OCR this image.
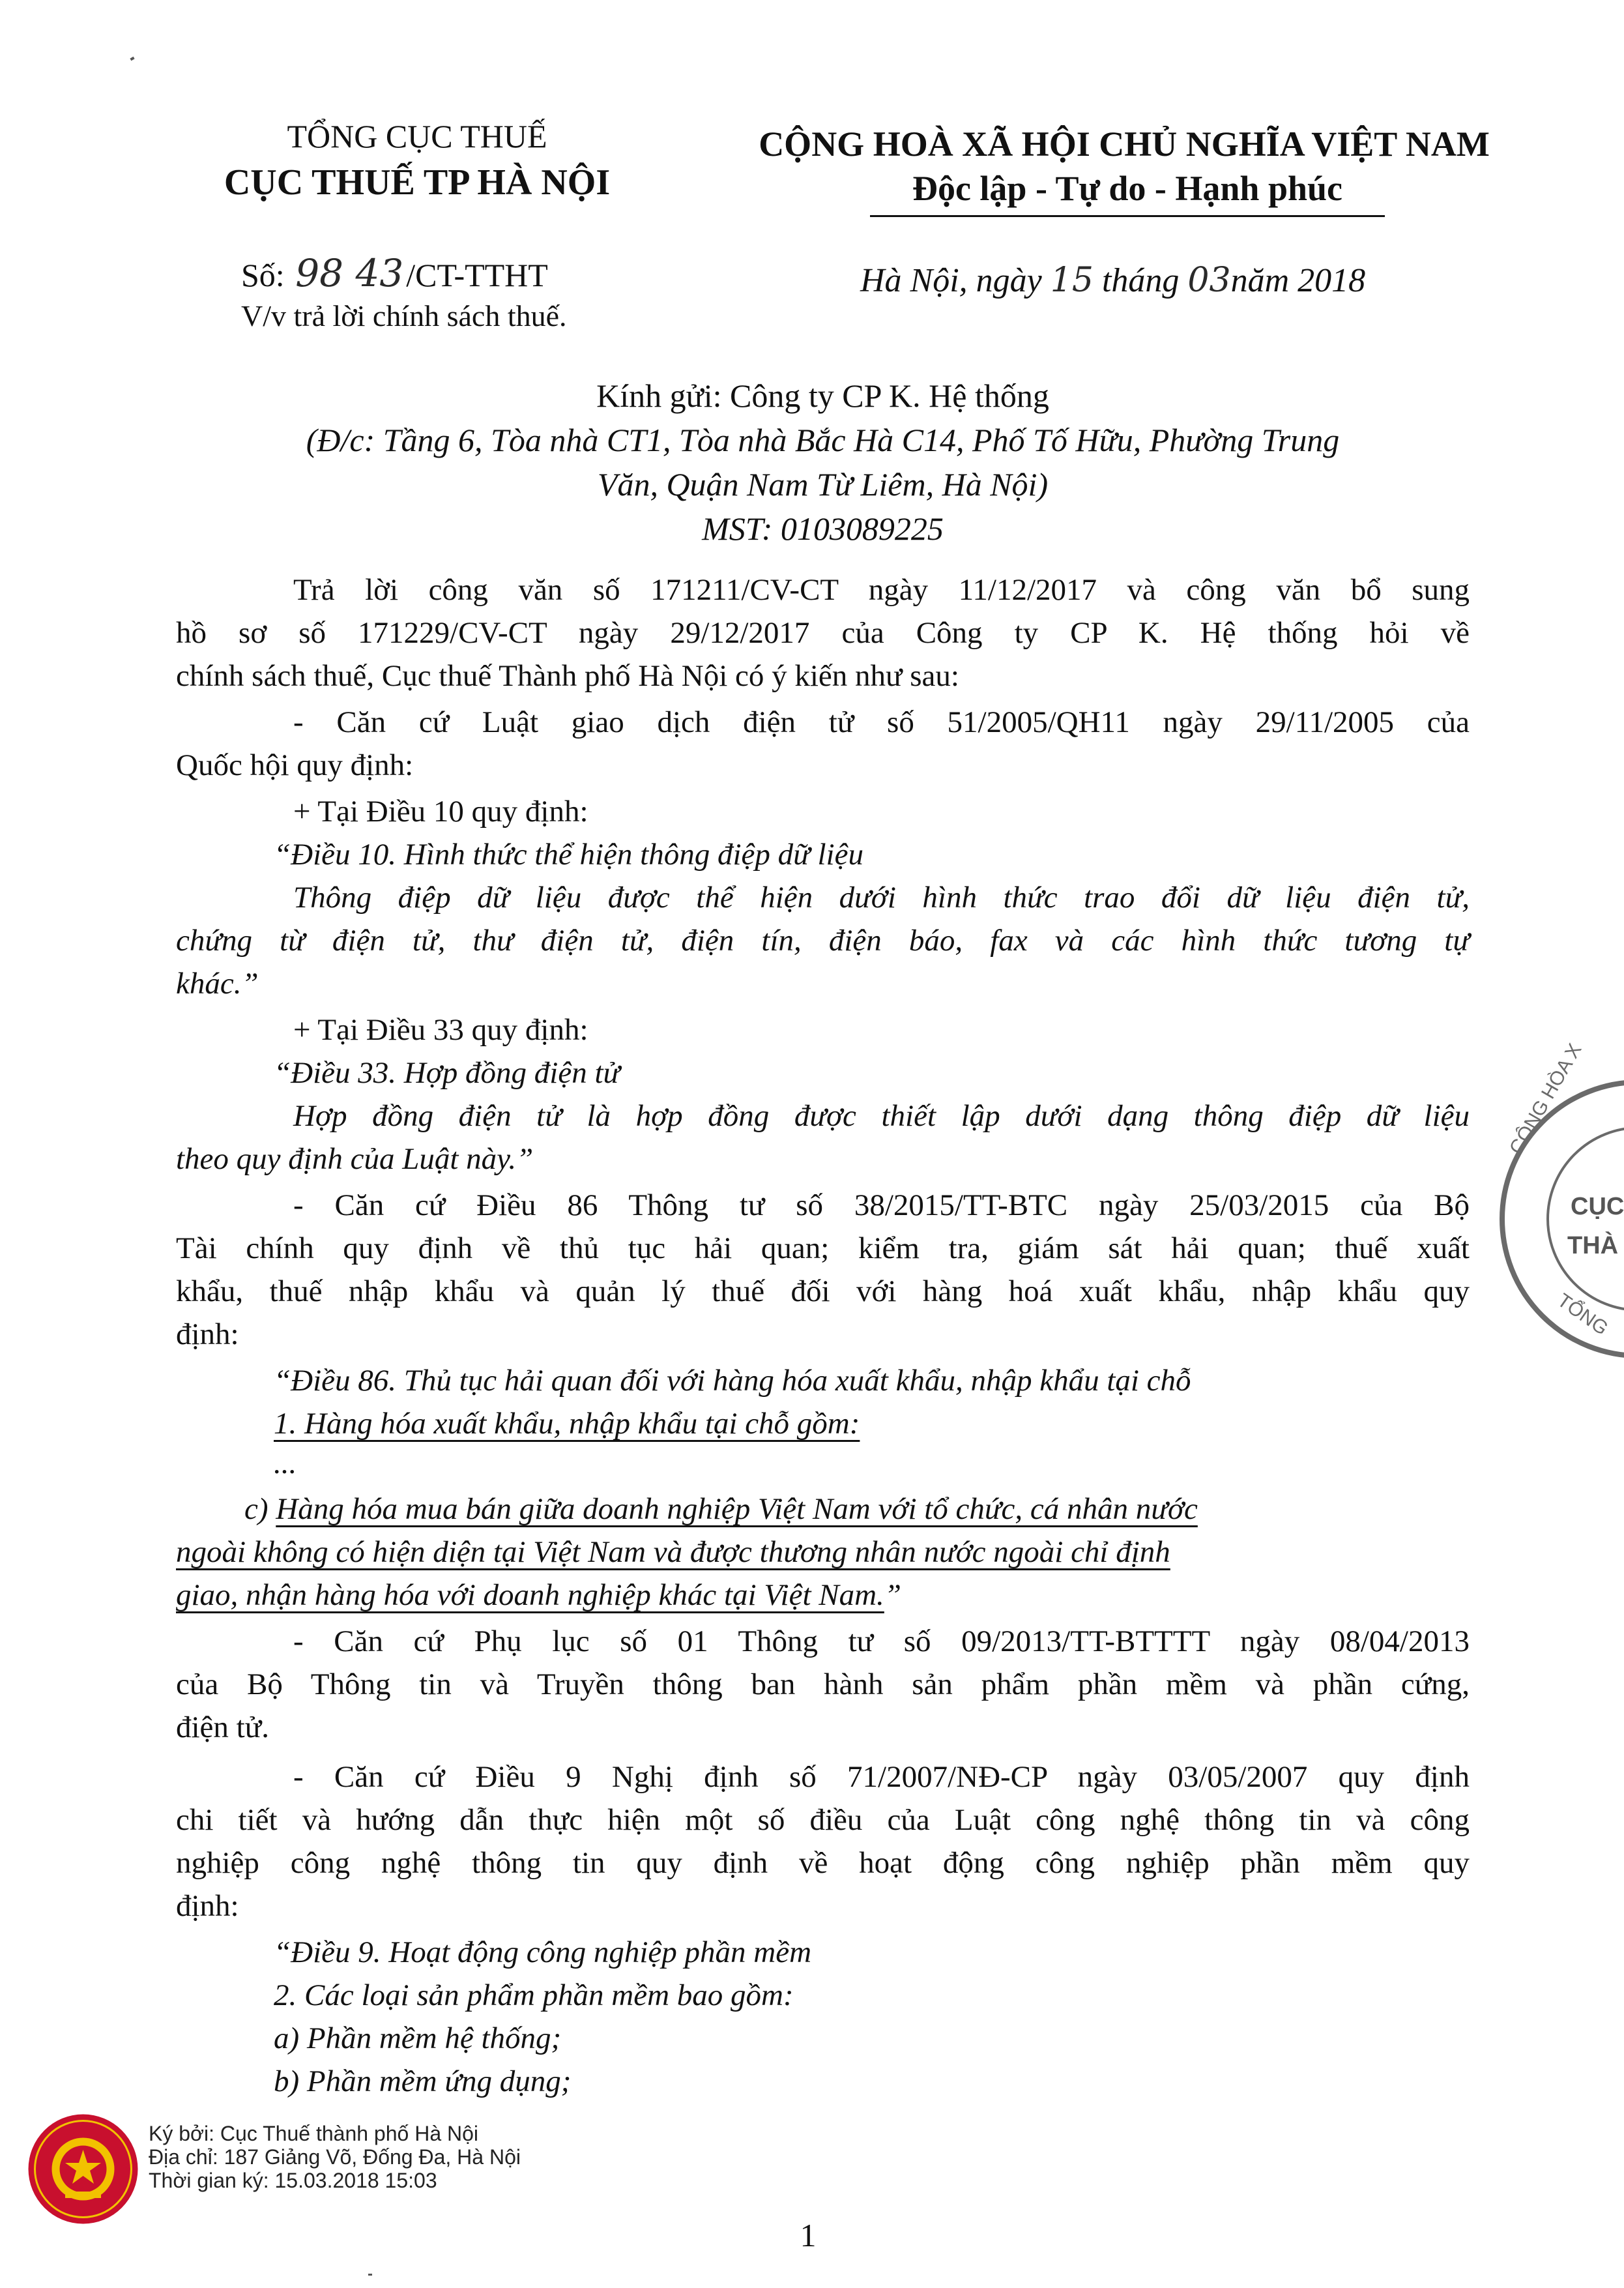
TỔNG CỤC THUẾ
CỤC THUẾ TP HÀ NỘI
Số: 98 43/CT-TTHT
V/v trả lời chính sách thuế.
CỘNG HOÀ XÃ HỘI CHỦ NGHĨA VIỆT NAM
Độc lập - Tự do - Hạnh phúc
Hà Nội, ngày 15 tháng 03năm 2018
Kính gửi: Công ty CP K. Hệ thống
(Đ/c: Tầng 6, Tòa nhà CT1, Tòa nhà Bắc Hà C14, Phố Tố Hữu, Phường Trung
Văn, Quận Nam Từ Liêm, Hà Nội)
MST: 0103089225
Trả lời công văn số 171211/CV-CT ngày 11/12/2017 và công văn bổ sung
hồ sơ số 171229/CV-CT ngày 29/12/2017 của Công ty CP K. Hệ thống hỏi về
chính sách thuế, Cục thuế Thành phố Hà Nội có ý kiến như sau:
- Căn cứ Luật giao dịch điện tử số 51/2005/QH11 ngày 29/11/2005 của
Quốc hội quy định:
+ Tại Điều 10 quy định:
“Điều 10. Hình thức thể hiện thông điệp dữ liệu
Thông điệp dữ liệu được thể hiện dưới hình thức trao đổi dữ liệu điện tử,
chứng từ điện tử, thư điện tử, điện tín, điện báo, fax và các hình thức tương tự
khác.”
+ Tại Điều 33 quy định:
“Điều 33. Hợp đồng điện tử
Hợp đồng điện tử là hợp đồng được thiết lập dưới dạng thông điệp dữ liệu
theo quy định của Luật này.”
- Căn cứ Điều 86 Thông tư số 38/2015/TT-BTC ngày 25/03/2015 của Bộ
Tài chính quy định về thủ tục hải quan; kiểm tra, giám sát hải quan; thuế xuất
khẩu, thuế nhập khẩu và quản lý thuế đối với hàng hoá xuất khẩu, nhập khẩu quy
định:
“Điều 86. Thủ tục hải quan đối với hàng hóa xuất khẩu, nhập khẩu tại chỗ
1. Hàng hóa xuất khẩu, nhập khẩu tại chỗ gồm:
...
c) Hàng hóa mua bán giữa doanh nghiệp Việt Nam với tổ chức, cá nhân nước
ngoài không có hiện diện tại Việt Nam và được thương nhân nước ngoài chỉ định
giao, nhận hàng hóa với doanh nghiệp khác tại Việt Nam.”
- Căn cứ Phụ lục số 01 Thông tư số 09/2013/TT-BTTTT ngày 08/04/2013
của Bộ Thông tin và Truyền thông ban hành sản phẩm phần mềm và phần cứng,
điện tử.
- Căn cứ Điều 9 Nghị định số 71/2007/NĐ-CP ngày 03/05/2007 quy định
chi tiết và hướng dẫn thực hiện một số điều của Luật công nghệ thông tin và công
nghiệp công nghệ thông tin quy định về hoạt động công nghiệp phần mềm quy
định:
“Điều 9. Hoạt động công nghiệp phần mềm
2. Các loại sản phẩm phần mềm bao gồm:
a) Phần mềm hệ thống;
b) Phần mềm ứng dụng;
CÔNG HÒA X
CỤC
THÀ
TỔNG
Ký bởi: Cục Thuế thành phố Hà Nội
Địa chỉ: 187 Giảng Võ, Đống Đa, Hà Nội
Thời gian ký: 15.03.2018 15:03
1
